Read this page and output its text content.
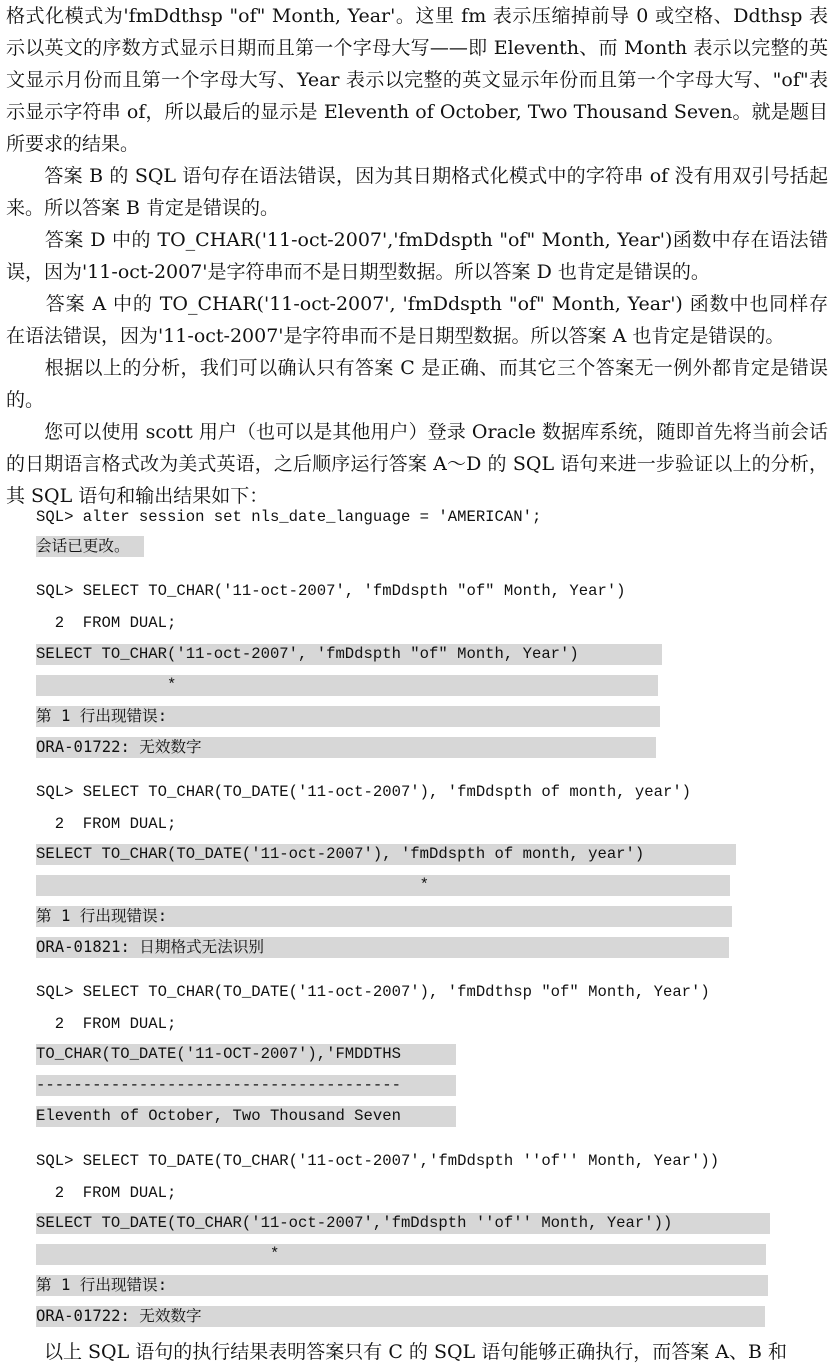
格式化模式为'fmDdthsp "of" Month, Year'。这里 fm 表示压缩掉前导 0 或空格、Ddthsp 表示以英文的序数方式显示日期而且第一个字母大写——即 Eleventh、而 Month 表示以完整的英文显示月份而且第一个字母大写、Year 表示以完整的英文显示年份而且第一个字母大写、"of"表示显示字符串 of，所以最后的显示是 Eleventh of October, Two Thousand Seven。就是题目所要求的结果。

　　答案 B 的 SQL 语句存在语法错误，因为其日期格式化模式中的字符串 of 没有用双引号括起来。所以答案 B 肯定是错误的。

　　答案 D 中的 TO_CHAR('11-oct-2007','fmDdspth "of" Month, Year')函数中存在语法错误，因为'11-oct-2007'是字符串而不是日期型数据。所以答案 D 也肯定是错误的。

　　答案 A 中的 TO_CHAR('11-oct-2007', 'fmDdspth "of" Month, Year') 函数中也同样存在语法错误，因为'11-oct-2007'是字符串而不是日期型数据。所以答案 A 也肯定是错误的。

　　根据以上的分析，我们可以确认只有答案 C 是正确、而其它三个答案无一例外都肯定是错误的。

　　您可以使用 scott 用户（也可以是其他用户）登录 Oracle 数据库系统，随即首先将当前会话的日期语言格式改为美式英语，之后顺序运行答案 A～D 的 SQL 语句来进一步验证以上的分析，其 SQL 语句和输出结果如下：

SQL> alter session set nls_date_language = 'AMERICAN';
会话已更改。
SQL> SELECT TO_CHAR('11-oct-2007', 'fmDdspth "of" Month, Year')
2  FROM DUAL;
SELECT TO_CHAR('11-oct-2007', 'fmDdspth "of" Month, Year')
*
第 1 行出现错误:
ORA-01722: 无效数字
SQL> SELECT TO_CHAR(TO_DATE('11-oct-2007'), 'fmDdspth of month, year')
2  FROM DUAL;
SELECT TO_CHAR(TO_DATE('11-oct-2007'), 'fmDdspth of month, year')
*
第 1 行出现错误:
ORA-01821: 日期格式无法识别
SQL> SELECT TO_CHAR(TO_DATE('11-oct-2007'), 'fmDdthsp "of" Month, Year')
2  FROM DUAL;
TO_CHAR(TO_DATE('11-OCT-2007'),'FMDDTHS
---------------------------------------
Eleventh of October, Two Thousand Seven
SQL> SELECT TO_DATE(TO_CHAR('11-oct-2007','fmDdspth ''of'' Month, Year'))
2  FROM DUAL;
SELECT TO_DATE(TO_CHAR('11-oct-2007','fmDdspth ''of'' Month, Year'))
*
第 1 行出现错误:
ORA-01722: 无效数字

　　以上 SQL 语句的执行结果表明答案只有 C 的 SQL 语句能够正确执行，而答案 A、B 和
